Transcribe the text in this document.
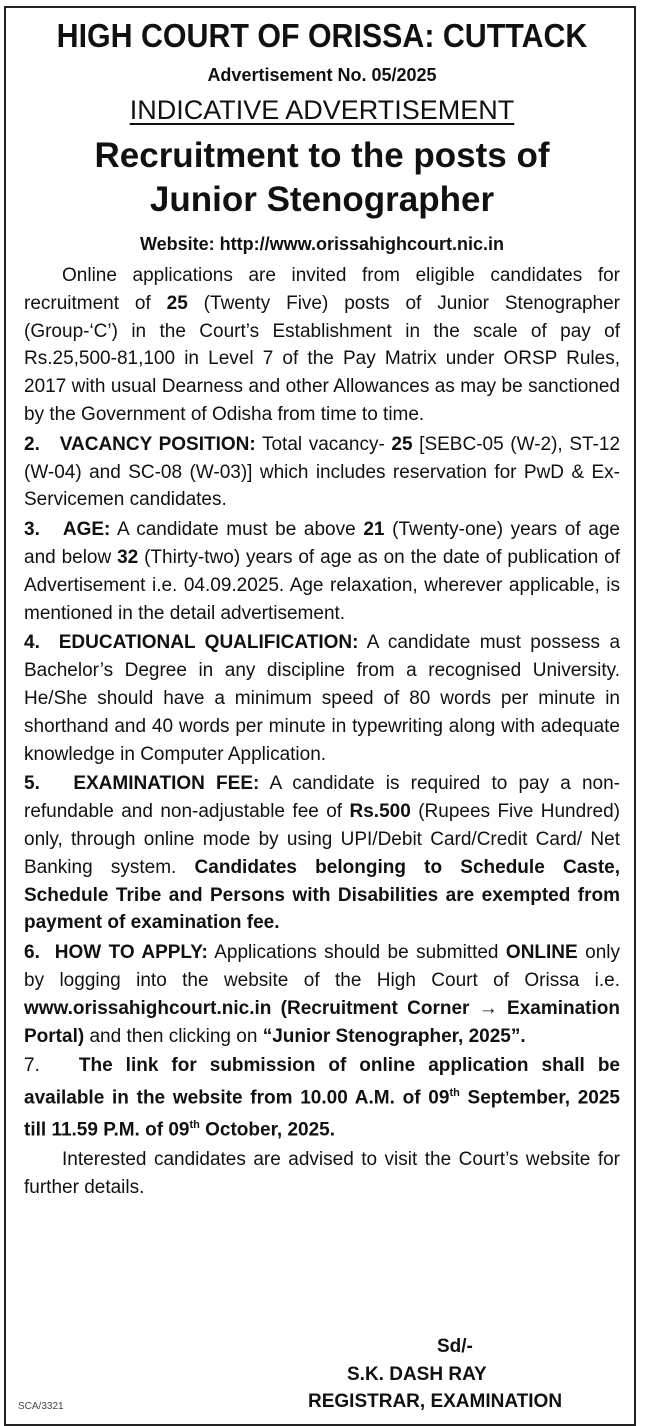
HIGH COURT OF ORISSA: CUTTACK
Advertisement No. 05/2025
INDICATIVE ADVERTISEMENT
Recruitment to the posts of
Junior Stenographer
Website: http://www.orissahighcourt.nic.in

Online applications are invited from eligible candidates for recruitment of 25 (Twenty Five) posts of Junior Stenographer (Group-‘C’) in the Court’s Establishment in the scale of pay of Rs.25,500-81,100 in Level 7 of the Pay Matrix under ORSP Rules, 2017 with usual Dearness and other Allowances as may be sanctioned by the Government of Odisha from time to time.

2. VACANCY POSITION: Total vacancy- 25 [SEBC-05 (W-2), ST-12 (W-04) and SC-08 (W-03)] which includes reservation for PwD & Ex-Servicemen candidates.

3. AGE: A candidate must be above 21 (Twenty-one) years of age and below 32 (Thirty-two) years of age as on the date of publication of Advertisement i.e. 04.09.2025. Age relaxation, wherever applicable, is mentioned in the detail advertisement.

4. EDUCATIONAL QUALIFICATION: A candidate must possess a Bachelor’s Degree in any discipline from a recognised University. He/She should have a minimum speed of 80 words per minute in shorthand and 40 words per minute in typewriting along with adequate knowledge in Computer Application.

5. EXAMINATION FEE: A candidate is required to pay a non-refundable and non-adjustable fee of Rs.500 (Rupees Five Hundred) only, through online mode by using UPI/Debit Card/Credit Card/ Net Banking system. Candidates belonging to Schedule Caste, Schedule Tribe and Persons with Disabilities are exempted from payment of examination fee.

6. HOW TO APPLY: Applications should be submitted ONLINE only by logging into the website of the High Court of Orissa i.e. www.orissahighcourt.nic.in (Recruitment Corner → Examination Portal) and then clicking on “Junior Stenographer, 2025”.

7. The link for submission of online application shall be available in the website from 10.00 A.M. of 09th September, 2025 till 11.59 P.M. of 09th October, 2025.

Interested candidates are advised to visit the Court’s website for further details.

Sd/-
S.K. DASH RAY
REGISTRAR, EXAMINATION
SCA/3321
